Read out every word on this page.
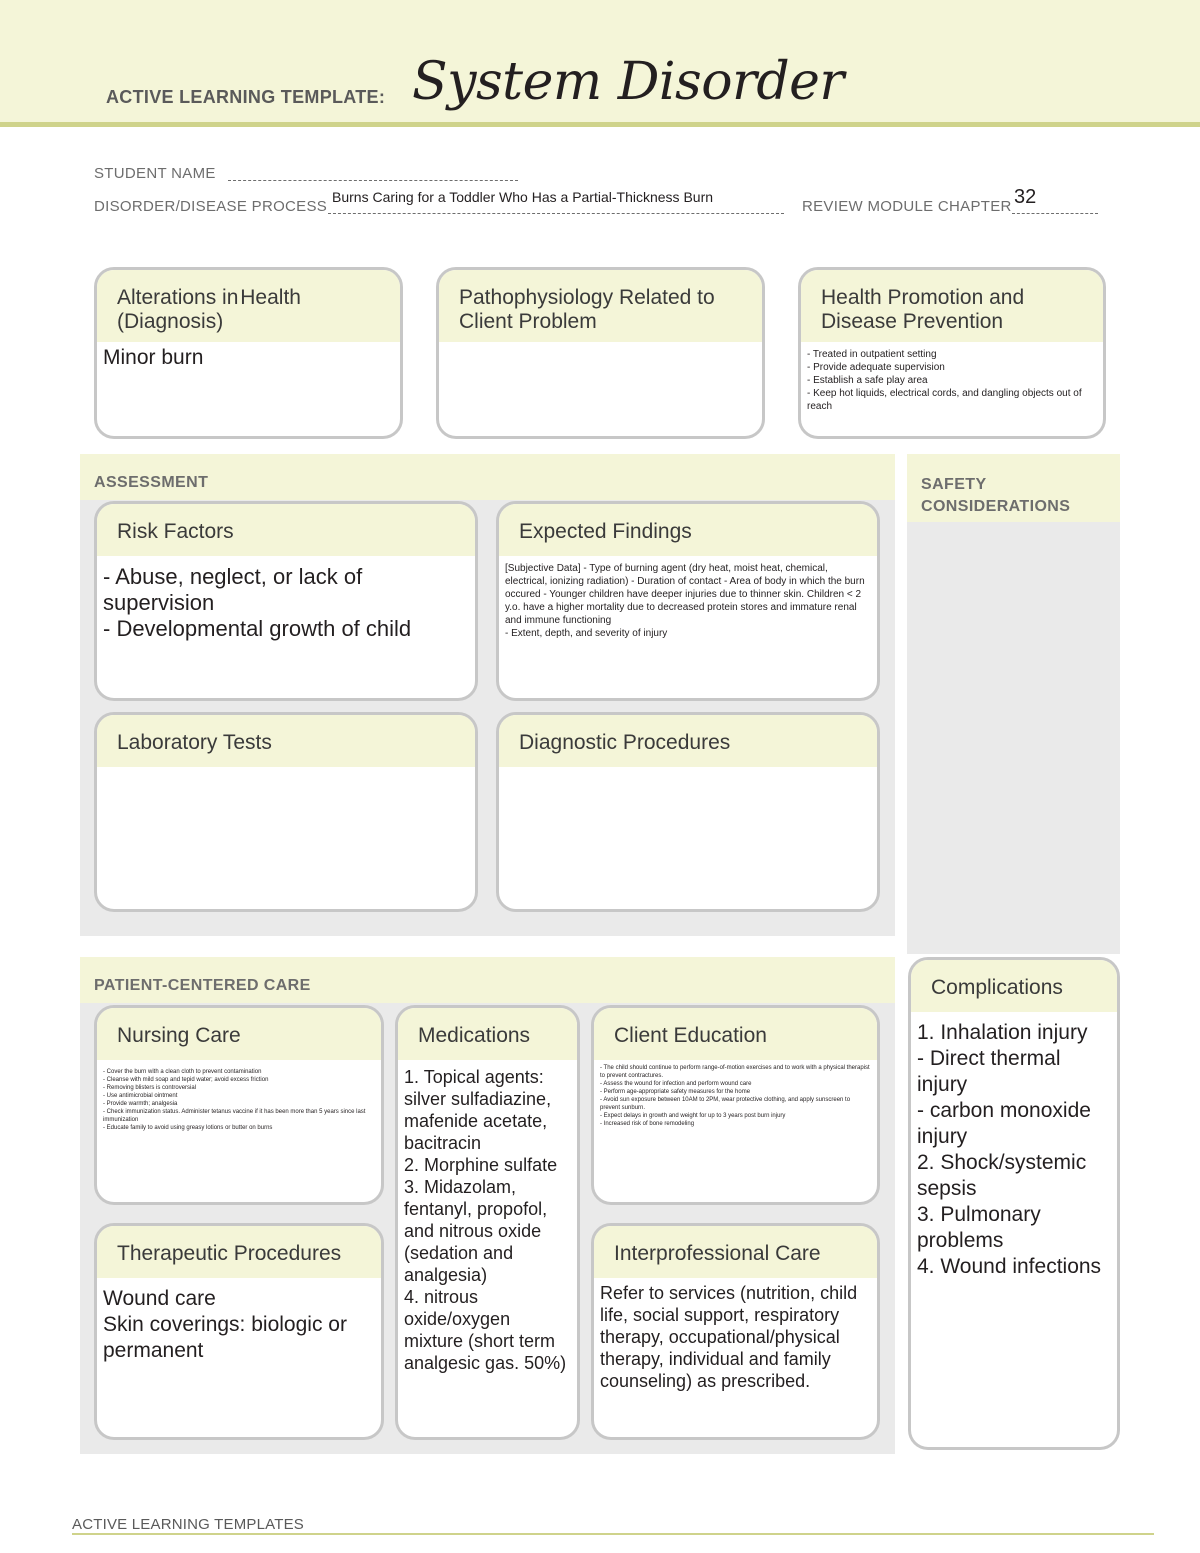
ACTIVE LEARNING TEMPLATE: System Disorder
STUDENT NAME
DISORDER/DISEASE PROCESS
Burns Caring for a Toddler Who Has a Partial-Thickness Burn
REVIEW MODULE CHAPTER 32
Alterations in Health (Diagnosis)
Minor burn
Pathophysiology Related to Client Problem
Health Promotion and Disease Prevention
- Treated in outpatient setting
- Provide adequate supervision
- Establish a safe play area
- Keep hot liquids, electrical cords, and dangling objects out of reach
ASSESSMENT
Risk Factors
- Abuse, neglect, or lack of supervision
- Developmental growth of child
Expected Findings
[Subjective Data] - Type of burning agent (dry heat, moist heat, chemical, electrical, ionizing radiation) - Duration of contact - Area of body in which the burn occured - Younger children have deeper injuries due to thinner skin. Children < 2 y.o. have a higher mortality due to decreased protein stores and immature renal and immune functioning
- Extent, depth, and severity of injury
Laboratory Tests	Diagnostic Procedures
SAFETY
CONSIDERATIONS
PATIENT-CENTERED CARE
Nursing Care
- Cover the burn with a clean cloth to prevent contamination
- Cleanse with mild soap and tepid water; avoid excess friction
- Removing blisters is controversial
- Use antimicrobial ointment
- Provide warmth; analgesia
- Check immunization status. Administer tetanus vaccine if it has been more than 5 years since last immunization
- Educate family to avoid using greasy lotions or butter on burns
Medications
1. Topical agents: silver sulfadiazine, mafenide acetate, bacitracin
2. Morphine sulfate
3. Midazolam, fentanyl, propofol, and nitrous oxide (sedation and analgesia)
4. nitrous oxide/oxygen mixture (short term analgesic gas. 50%)
Client Education
- The child should continue to perform range-of-motion exercises and to work with a physical therapist to prevent contractures.
- Assess the wound for infection and perform wound care
- Perform age-appropriate safety measures for the home
- Avoid sun exposure between 10AM to 2PM, wear protective clothing, and apply sunscreen to prevent sunburn.
- Expect delays in growth and weight for up to 3 years post burn injury
- Increased risk of bone remodeling
Therapeutic Procedures
Wound care
Skin coverings: biologic or permanent
Interprofessional Care
Refer to services (nutrition, child life, social support, respiratory therapy, occupational/physical therapy, individual and family counseling) as prescribed.
Complications
1. Inhalation injury
- Direct thermal injury
- carbon monoxide injury
2. Shock/systemic sepsis
3. Pulmonary problems
4. Wound infections
ACTIVE LEARNING TEMPLATES
